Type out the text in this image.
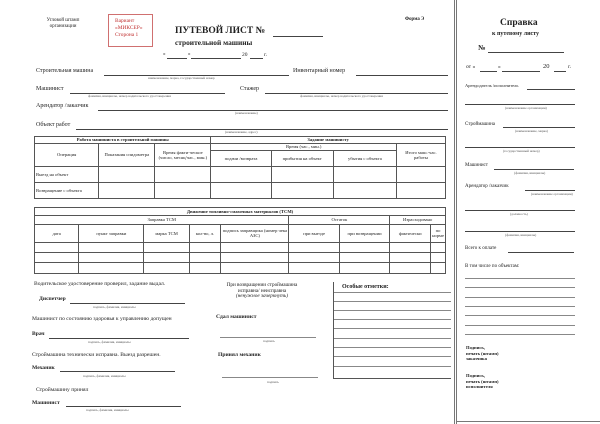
Угловой штамп
организации
Вариант
«МИКСЕР»
Сторона 1	ПУТЕВОЙ ЛИСТ №
строительной машины
Форма Э
«	»	20	г.
Строительная машина
наименование, марка, государственный номер
Инвентарный номер
Машинист
фамилия, инициалы, номер водительского удостоверения
Стажер
фамилия, инициалы, номер водительского удостоверения
Арендатор /заказчик
(наименование)
Объект работ
(наименование, адрес)
Работа машиниста в строительной машины			Задание машинисту			
Операция	Показания спидометра	Время факти-ческое (число, месяц/час., мин.)	Время (час., мин.)			Итого маш.-час. работы
			подачи /возврата	прибытия на объект	убытия с объекта	
Выезд на объект						
Возвращение с объекта						
Движение топливно-смазочных материалов (ТСМ)								
Заправка ТСМ					Остаток		Израсходовано	
дата	пункт заправки	марка ТСМ	кол-во, л.	подпись заправщика (номер чека АЗС)	при выезде	при возвращении	фактически	по норме

Водительское удостоверение проверил, задание выдал.
Диспетчер
подпись, фамилия, инициалы
Машинист по состоянию здоровья к управлению допущен
Врач
подпись, фамилия, инициалы
Строймашина технически исправна. Выезд разрешен.
Механик
подпись, фамилия, инициалы
Строймашину принял
Машинист
подпись, фамилия, инициалы
При возвращении строймашина
исправна/ неисправна
(ненужное зачеркнуть)
Сдал машинист
подпись
Принял механик
подпись
Особые отметки:
Справка
к путевому листу
№
от «	»	20	г.
Арендодатель /исполнитель
(наименование организации)
Строймашина
(наименование, марка)
(государственный номер)
Машинист
(фамилия, инициалы)
Арендатор /заказчик
(наименование организации)
(должность)
(фамилия, инициалы)
Всего к оплате
В том числе по объектам:
Подпись,
печать (штамп)
заказчика
Подпись,
печать (штамп)
исполнителя
